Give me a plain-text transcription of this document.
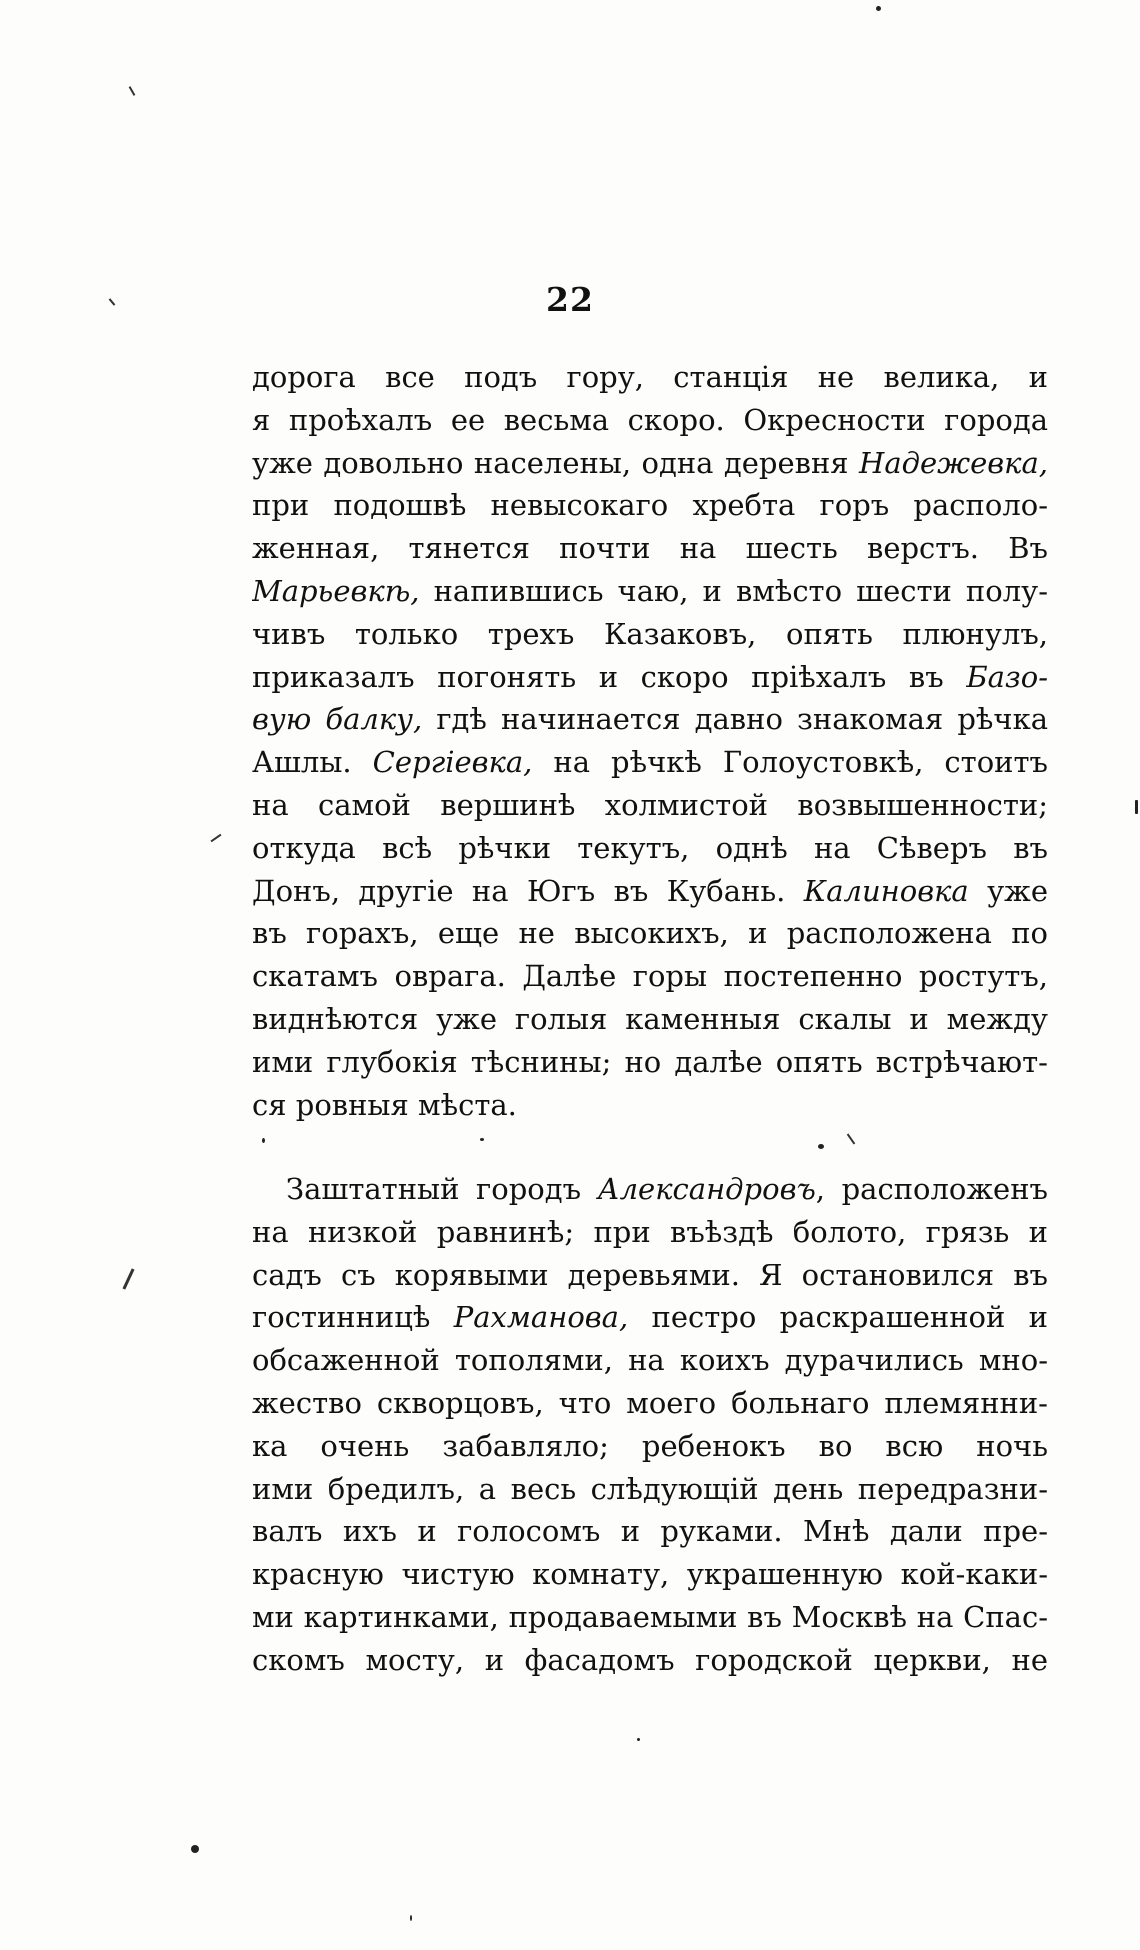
22
дорога все подъ гору, станція не велика, и
я проѣхалъ ее весьма скоро. Окресности города
уже довольно населены, одна деревня Надежевка,
при подошвѣ невысокаго хребта горъ располо-
женная, тянется почти на шесть верстъ. Въ
Марьевкѣ, напившись чаю, и вмѣсто шести полу-
чивъ только трехъ Казаковъ, опять плюнулъ,
приказалъ погонять и скоро пріѣхалъ въ Базо-
вую балку, гдѣ начинается давно знакомая рѣчка
Ашлы. Сергіевка, на рѣчкѣ Голоустовкѣ, стоитъ
на самой вершинѣ холмистой возвышенности;
откуда всѣ рѣчки текутъ, однѣ на Сѣверъ въ
Донъ, другіе на Югъ въ Кубань. Калиновка уже
въ горахъ, еще не высокихъ, и расположена по
скатамъ оврага. Далѣе горы постепенно ростутъ,
виднѣются уже голыя каменныя скалы и между
ими глубокія тѣснины; но далѣе опять встрѣчают-
ся ровныя мѣста.
Заштатный городъ Александровъ, расположенъ
на низкой равнинѣ; при въѣздѣ болото, грязь и
садъ съ корявыми деревьями. Я остановился въ
гостинницѣ Рахманова, пестро раскрашенной и
обсаженной тополями, на коихъ дурачились мно-
жество скворцовъ, что моего больнаго племянни-
ка очень забавляло; ребенокъ во всю ночь
ими бредилъ, а весь слѣдующій день передразни-
валъ ихъ и голосомъ и руками. Мнѣ дали пре-
красную чистую комнату, украшенную кой-каки-
ми картинками, продаваемыми въ Москвѣ на Спас-
скомъ мосту, и фасадомъ городской церкви, не
